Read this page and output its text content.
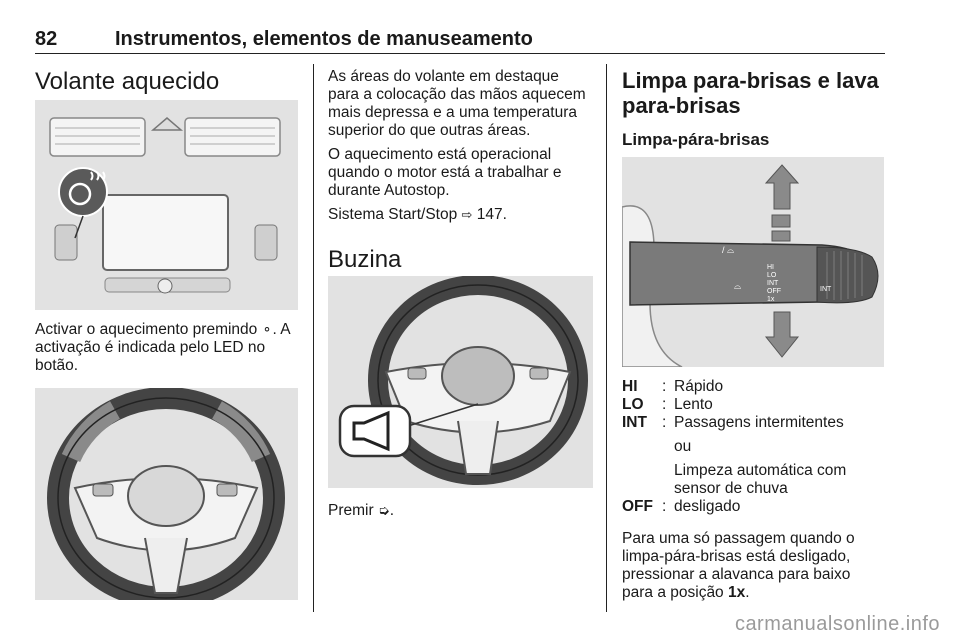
82	Instrumentos, elementos de manuseamento
Volante aquecido

Activar o aquecimento premindo ⚬. A activação é indicada pelo LED no botão.

As áreas do volante em destaque para a colocação das mãos aquecem mais depressa e a uma temperatura superior do que outras áreas.

O aquecimento está operacional quando o motor está a trabalhar e durante Autostop.

Sistema Start/Stop ⇨ 147.

Buzina

Premir ➭.

Limpa para-brisas e lava para-brisas
Limpa-pára-brisas
/ ⌓
⌓
HI
LO
INT
OFF
1x
INT
HI	: Rápido
LO	: Lento
INT : Passagens intermitentes
ou
Limpeza automática com sensor de chuva
OFF : desligado

Para uma só passagem quando o limpa-pára-brisas está desligado, pressionar a alavanca para baixo para a posição 1x.

carmanualsonline.info
